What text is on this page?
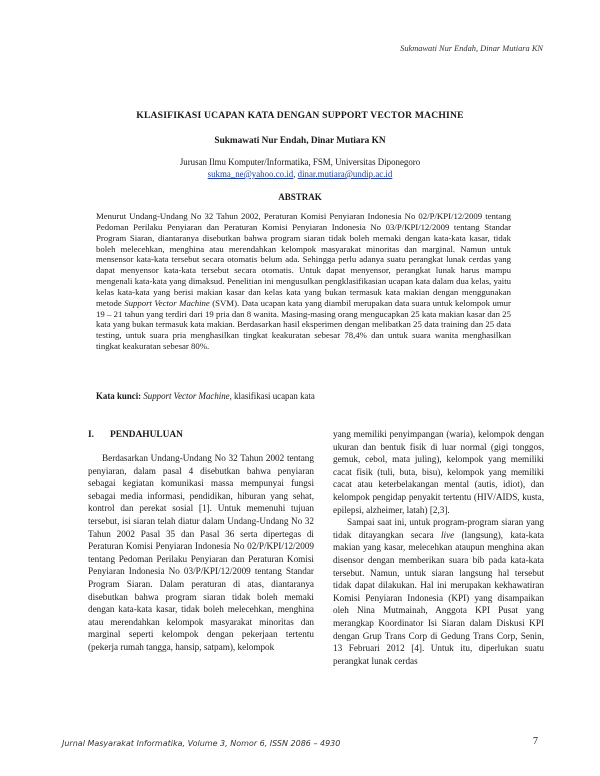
Sukmawati Nur Endah, Dinar Mutiara KN
KLASIFIKASI UCAPAN KATA DENGAN SUPPORT VECTOR MACHINE
Sukmawati Nur Endah, Dinar Mutiara KN
Jurusan Ilmu Komputer/Informatika, FSM, Universitas Diponegoro
sukma_ne@yahoo.co.id, dinar.mutiara@undip.ac.id
ABSTRAK
Menurut Undang-Undang No 32 Tahun 2002, Peraturan Komisi Penyiaran Indonesia No 02/P/KPI/12/2009 tentang Pedoman Perilaku Penyiaran dan Peraturan Komisi Penyiaran Indonesia No 03/P/KPI/12/2009 tentang Standar Program Siaran, diantaranya disebutkan bahwa program siaran tidak boleh memaki dengan kata-kata kasar, tidak boleh melecehkan, menghina atau merendahkan kelompok masyarakat minoritas dan marginal. Namun untuk mensensor kata-kata tersebut secara otomatis belum ada. Sehingga perlu adanya suatu perangkat lunak cerdas yang dapat menyensor kata-kata tersebut secara otomatis. Untuk dapat menyensor, perangkat lunak harus mampu mengenali kata-kata yang dimaksud. Penelitian ini mengusulkan pengklasifikasian ucapan kata dalam dua kelas, yaitu kelas kata-kata yang berisi makian kasar dan kelas kata yang bukan termasuk kata makian dengan menggunakan metode Support Vector Machine (SVM). Data ucapan kata yang diambil merupakan data suara untuk kelompok umur 19 – 21 tahun yang terdiri dari 19 pria dan 8 wanita. Masing-masing orang mengucapkan 25 kata makian kasar dan 25 kata yang bukan termasuk kata makian. Berdasarkan hasil eksperimen dengan melibatkan 25 data training dan 25 data testing, untuk suara pria menghasilkan tingkat keakuratan sebesar 78,4% dan untuk suara wanita menghasilkan tingkat keakuratan sebesar 80%.
Kata kunci: Support Vector Machine, klasifikasi ucapan kata
I. PENDAHULUAN

Berdasarkan Undang-Undang No 32 Tahun 2002 tentang penyiaran, dalam pasal 4 disebutkan bahwa penyiaran sebagai kegiatan komunikasi massa mempunyai fungsi sebagai media informasi, pendidikan, hiburan yang sehat, kontrol dan perekat sosial [1]. Untuk memenuhi tujuan tersebut, isi siaran telah diatur dalam Undang-Undang No 32 Tahun 2002 Pasal 35 dan Pasal 36 serta dipertegas di Peraturan Komisi Penyiaran Indonesia No 02/P/KPI/12/2009 tentang Pedoman Perilaku Penyiaran dan Peraturan Komisi Penyiaran Indonesia No 03/P/KPI/12/2009 tentang Standar Program Siaran. Dalam peraturan di atas, diantaranya disebutkan bahwa program siaran tidak boleh memaki dengan kata-kata kasar, tidak boleh melecehkan, menghina atau merendahkan kelompok masyarakat minoritas dan marginal seperti kelompok dengan pekerjaan tertentu (pekerja rumah tangga, hansip, satpam), kelompok

yang memiliki penyimpangan (waria), kelompok dengan ukuran dan bentuk fisik di luar normal (gigi tonggos, gemuk, cebol, mata juling), kelompok yang memiliki cacat fisik (tuli, buta, bisu), kelompok yang memiliki cacat atau keterbelakangan mental (autis, idiot), dan kelompok pengidap penyakit tertentu (HIV/AIDS, kusta, epilepsi, alzheimer, latah) [2,3].

Sampai saat ini, untuk program-program siaran yang tidak ditayangkan secara live (langsung), kata-kata makian yang kasar, melecehkan ataupun menghina akan disensor dengan memberikan suara bib pada kata-kata tersebut. Namun, untuk siaran langsung hal tersebut tidak dapat dilakukan. Hal ini merupakan kekhawatiran Komisi Penyiaran Indonesia (KPI) yang disampaikan oleh Nina Mutmainah, Anggota KPI Pusat yang merangkap Koordinator Isi Siaran dalam Diskusi KPI dengan Grup Trans Corp di Gedung Trans Corp, Senin, 13 Februari 2012 [4]. Untuk itu, diperlukan suatu perangkat lunak cerdas

Jurnal Masyarakat Informatika, Volume 3, Nomor 6, ISSN 2086 – 4930	7
